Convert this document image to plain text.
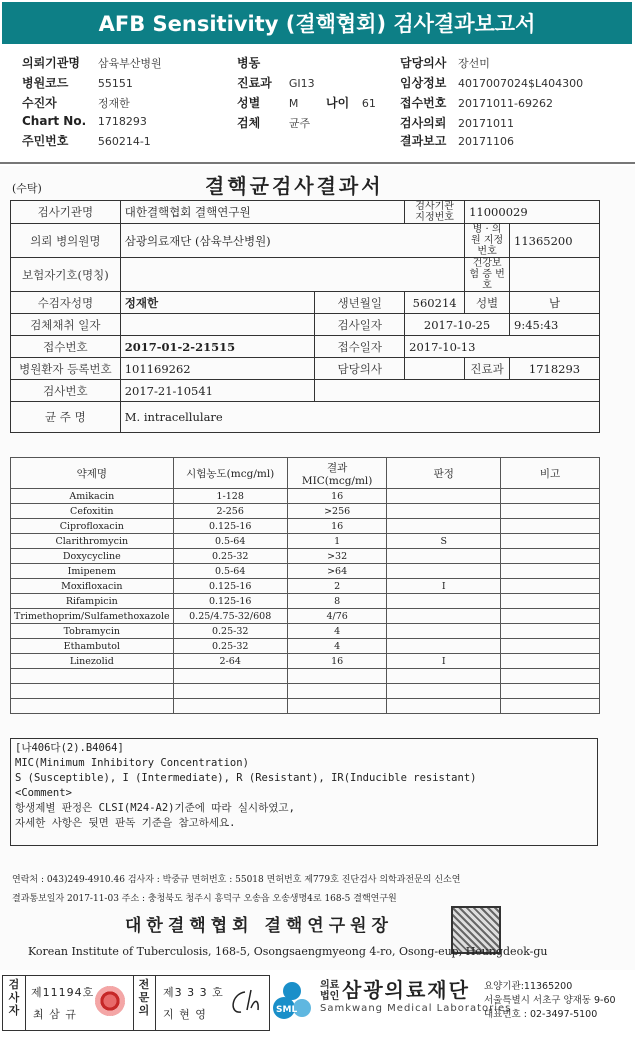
AFB Sensitivity (결핵협회) 검사결과보고서
의뢰기관명 삼육부산병원	병동	담당의사 장선미
병원코드	55151	진료과 GI13	임상정보 4017007024$L404300
수진자	정재한	성별	M 나이 61 접수번호 20171011-69262
Chart No. 1718293	검체	균주	검사의뢰 20171011
주민번호	560214-1	결과보고 20171106
(수탁)	결핵균검사결과서
검사기관명	대한결핵협회 결핵연구원		검사기관 지정번호	11000029	
의뢰 병의원명	삼광의료재단 (삼육부산병원)			병 · 의원 지정번호	11365200
보험자기호(명칭)				건강보험 증 번 호	
수검자성명	정재한	생년월일	560214	성별	남
검체채취 일자		검사일자	2017-10-25		9:45:43
접수번호	2017-01-2-21515	접수일자	2017-10-13		
병원환자 등록번호	101169262	담당의사		진료과	1718293
검사번호	2017-21-10541				
균 주 명	M. intracellulare				
약제명	시험농도(mcg/ml)	결과 MIC(mcg/ml)	판정	비고
Amikacin	1-128	16		
Cefoxitin	2-256	>256		
Ciprofloxacin	0.125-16	16		
Clarithromycin	0.5-64	1	S	
Doxycycline	0.25-32	>32		
Imipenem	0.5-64	>64		
Moxifloxacin	0.125-16	2	I	
Rifampicin	0.125-16	8		
Trimethoprim/Sulfamethoxazole	0.25/4.75-32/608	4/76		
Tobramycin	0.25-32	4		
Ethambutol	0.25-32	4		
Linezolid	2-64	16	I	

[나406다(2).B4064]
MIC(Minimum Inhibitory Concentration)
S (Susceptible), I (Intermediate), R (Resistant), IR(Inducible resistant)
<Comment>
항생제별 판정은 CLSI(M24-A2)기준에 따라 실시하였고,
자세한 사항은 뒷면 판독 기준을 참고하세요.
연락처 : 043)249-4910.46 검사자 : 박중규 면허번호 : 55018 면허번호 제779호 진단검사 의학과전문의 신소연
결과통보일자 2017-11-03 주소 : 충청북도 청주시 흥덕구 오송읍 오송생명4로 168-5 결핵연구원
대한결핵협회 결핵연구원장
Korean Institute of Tuberculosis, 168-5, Osongsaengmyeong 4-ro, Osong-eup, Heungdeok-gu
검사자
제11194호
최 삼 규
전문의
제3 3 3 호
지 현 영	SML
의료법인 삼광의료재단
Samkwang Medical Laboratories
요양기관:11365200
서울특별시 서초구 양재동 9-60
대표번호 : 02-3497-5100
